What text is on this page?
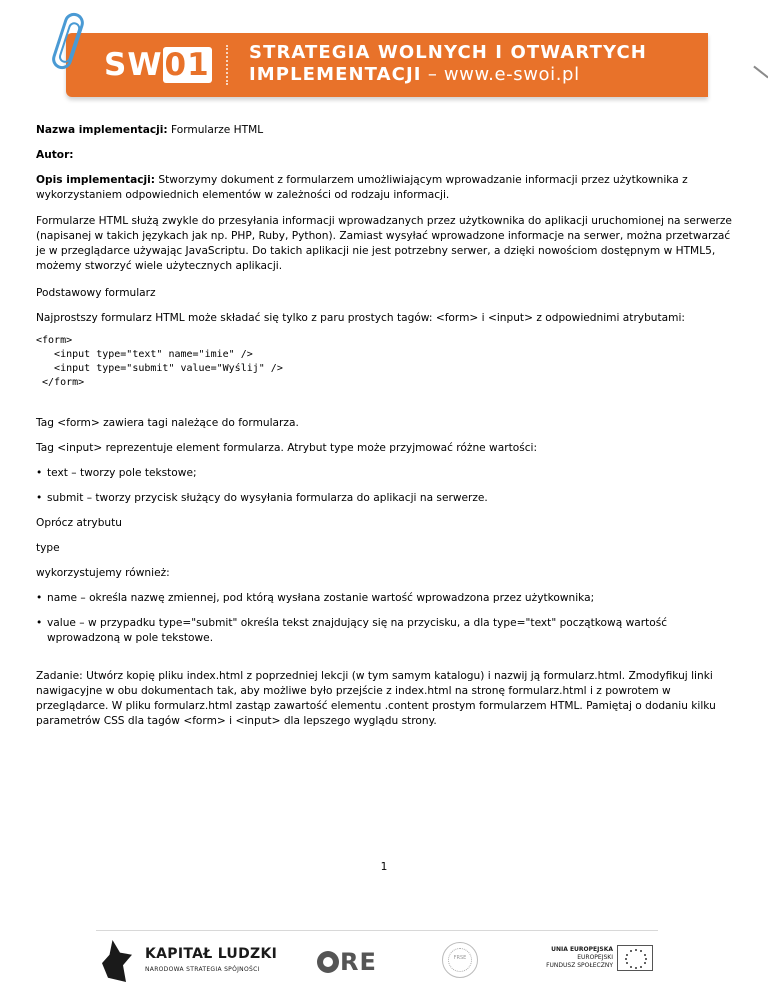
SW01 STRATEGIA WOLNYCH I OTWARTYCH
IMPLEMENTACJI – www.e-swoi.pl

Nazwa implementacji: Formularze HTML

Autor:

Opis implementacji: Stworzymy dokument z formularzem umożliwiającym wprowadzanie informacji przez użytkownika z wykorzystaniem odpowiednich elementów w zależności od rodzaju informacji.

Formularze HTML służą zwykle do przesyłania informacji wprowadzanych przez użytkownika do aplikacji uruchomionej na serwerze (napisanej w takich językach jak np. PHP, Ruby, Python). Zamiast wysyłać wprowadzone informacje na serwer, można przetwarzać je w przeglądarce używając JavaScriptu. Do takich aplikacji nie jest potrzebny serwer, a dzięki nowościom dostępnym w HTML5, możemy stworzyć wiele użytecznych aplikacji.

Podstawowy formularz

Najprostszy formularz HTML może składać się tylko z paru prostych tagów: <form> i <input> z odpowiednimi atrybutami:

<form>
<input type="text" name="imie" />
<input type="submit" value="Wyślij" />
</form>

Tag <form> zawiera tagi należące do formularza.

Tag <input> reprezentuje element formularza. Atrybut type może przyjmować różne wartości:

• text – tworzy pole tekstowe;
• submit – tworzy przycisk służący do wysyłania formularza do aplikacji na serwerze.

Oprócz atrybutu

type

wykorzystujemy również:

• name – określa nazwę zmiennej, pod którą wysłana zostanie wartość wprowadzona przez użytkownika;
• value – w przypadku type="submit" określa tekst znajdujący się na przycisku, a dla type="text" początkową wartość wprowadzoną w pole tekstowe.

Zadanie: Utwórz kopię pliku index.html z poprzedniej lekcji (w tym samym katalogu) i nazwij ją formularz.html. Zmodyfikuj linki nawigacyjne w obu dokumentach tak, aby możliwe było przejście z index.html na stronę formularz.html i z powrotem w przeglądarce. W pliku formularz.html zastąp zawartość elementu .content prostym formularzem HTML. Pamiętaj o dodaniu kilku parametrów CSS dla tagów <form> i <input> dla lepszego wyglądu strony.

1
KAPITAŁ LUDZKI
NARODOWA STRATEGIA SPÓJNOŚCI	RE	FRSE
UNIA EUROPEJSKA
EUROPEJSKI
FUNDUSZ SPOŁECZNY
